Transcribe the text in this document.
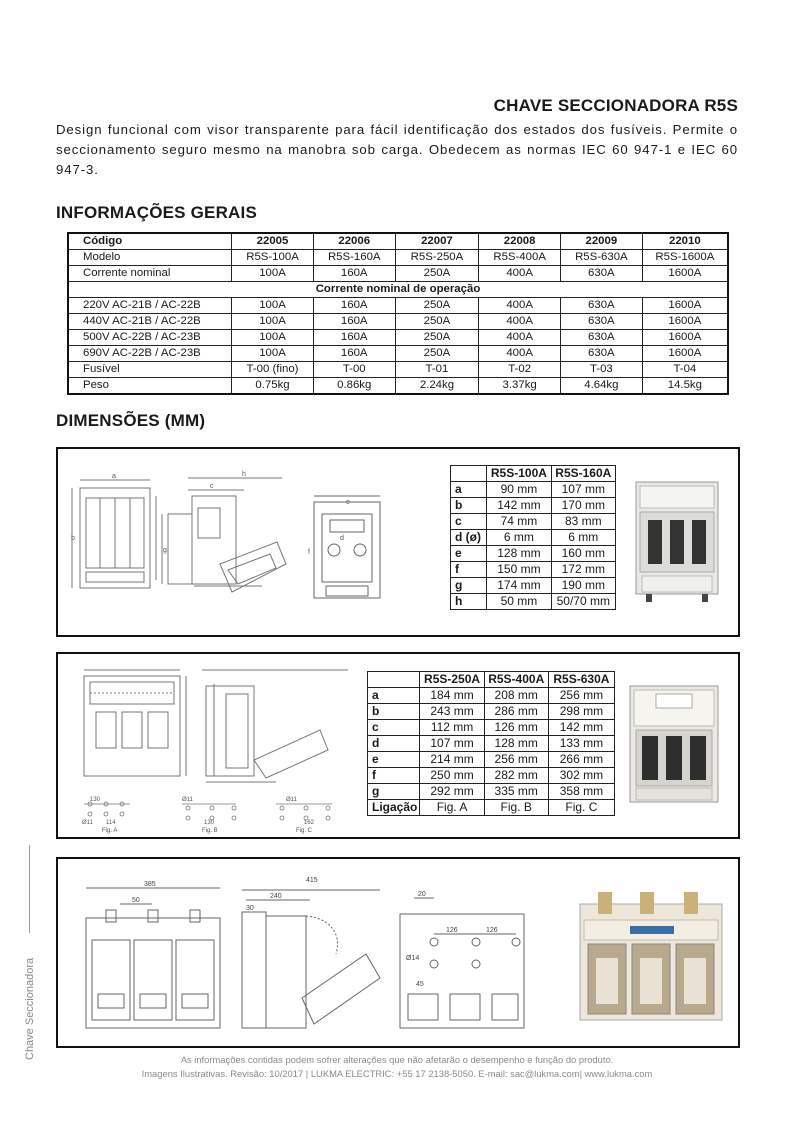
CHAVE SECCIONADORA R5S
Design funcional com visor transparente para fácil identificação dos estados dos fusíveis. Permite o seccionamento seguro mesmo na manobra sob carga. Obedecem as normas IEC 60 947-1 e IEC 60 947-3.
INFORMAÇÕES GERAIS
Código	22005	22006	22007	22008	22009	22010
Modelo	R5S-100A	R5S-160A	R5S-250A	R5S-400A	R5S-630A	R5S-1600A
Corrente nominal	100A	160A	250A	400A	630A	1600A
Corrente nominal de operação						
220V AC-21B / AC-22B	100A	160A	250A	400A	630A	1600A
440V AC-21B / AC-22B	100A	160A	250A	400A	630A	1600A
500V AC-22B / AC-23B	100A	160A	250A	400A	630A	1600A
690V AC-22B / AC-23B	100A	160A	250A	400A	630A	1600A
Fusível	T-00 (fino)	T-00	T-01	T-02	T-03	T-04
Peso	0.75kg	0.86kg	2.24kg	3.37kg	4.64kg	14.5kg
DIMENSÕES (MM)
a
b
c
h
g
d
e
f
	R5S-100A	R5S-160A
a	90 mm	107 mm
b	142 mm	170 mm
c	74 mm	83 mm
d (ø)	6 mm	6 mm
e	128 mm	160 mm
f	150 mm	172 mm
g	174 mm	190 mm
h	50 mm	50/70 mm
130
Ø11 114
Fig. A
Ø11
130
Fig. B
Ø11
162
Fig. C
	R5S-250A	R5S-400A	R5S-630A
a	184 mm	208 mm	256 mm
b	243 mm	286 mm	298 mm
c	112 mm	126 mm	142 mm
d	107 mm	128 mm	133 mm
e	214 mm	256 mm	266 mm
f	250 mm	282 mm	302 mm
g	292 mm	335 mm	358 mm
Ligação	Fig. A	Fig. B	Fig. C
385
50
240
30
415
20
126	126
45
Ø14
Chave Seccionadora	As informações contidas podem sofrer alterações que não afetarão o desempenho e função do produto.
Imagens Ilustrativas. Revisão: 10/2017 | LUKMA ELECTRIC: +55 17 2138-5050. E-mail: sac@lukma.com| www.lukma.com
